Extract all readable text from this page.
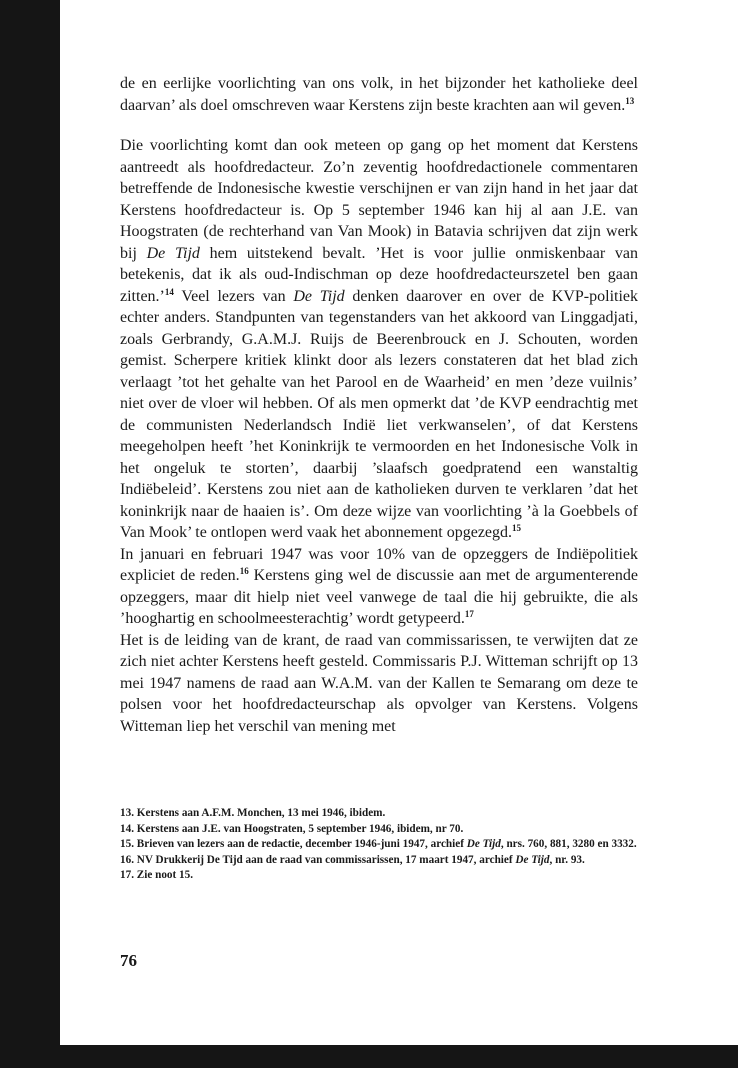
de en eerlijke voorlichting van ons volk, in het bijzonder het katholieke deel daarvan’ als doel omschreven waar Kerstens zijn beste krachten aan wil geven.$^{13}$

Die voorlichting komt dan ook meteen op gang op het moment dat Kerstens aantreedt als hoofdredacteur. Zo’n zeventig hoofdredactionele commentaren betreffende de Indonesische kwestie verschijnen er van zijn hand in het jaar dat Kerstens hoofdredacteur is. Op 5 september 1946 kan hij al aan J.E. van Hoogstraten (de rechterhand van Van Mook) in Batavia schrijven dat zijn werk bij De Tijd hem uitstekend bevalt. ’Het is voor jullie onmiskenbaar van betekenis, dat ik als oud-Indischman op deze hoofdredacteurszetel ben gaan zitten.’$^{14}$ Veel lezers van De Tijd denken daarover en over de KVP-politiek echter anders. Standpunten van tegenstanders van het akkoord van Linggadjati, zoals Gerbrandy, G.A.M.J. Ruijs de Beerenbrouck en J. Schouten, worden gemist. Scherpere kritiek klinkt door als lezers constateren dat het blad zich verlaagt ’tot het gehalte van het Parool en de Waarheid’ en men ’deze vuilnis’ niet over de vloer wil hebben. Of als men opmerkt dat ’de KVP eendrachtig met de communisten Nederlandsch Indië liet verkwanselen’, of dat Kerstens meegeholpen heeft ’het Koninkrijk te vermoorden en het Indonesische Volk in het ongeluk te storten’, daarbij ’slaafsch goedpratend een wanstaltig Indiëbeleid’. Kerstens zou niet aan de katholieken durven te verklaren ’dat het koninkrijk naar de haaien is’. Om deze wijze van voorlichting ’à la Goebbels of Van Mook’ te ontlopen werd vaak het abonnement opgezegd.$^{15}$

In januari en februari 1947 was voor 10% van de opzeggers de Indiëpolitiek expliciet de reden.$^{16}$ Kerstens ging wel de discussie aan met de argumenterende opzeggers, maar dit hielp niet veel vanwege de taal die hij gebruikte, die als ’hooghartig en schoolmeesterachtig’ wordt getypeerd.$^{17}$

Het is de leiding van de krant, de raad van commissarissen, te verwijten dat ze zich niet achter Kerstens heeft gesteld. Commissaris P.J. Witteman schrijft op 13 mei 1947 namens de raad aan W.A.M. van der Kallen te Semarang om deze te polsen voor het hoofdredacteurschap als opvolger van Kerstens. Volgens Witteman liep het verschil van mening met

13. Kerstens aan A.F.M. Monchen, 13 mei 1946, ibidem.

14. Kerstens aan J.E. van Hoogstraten, 5 september 1946, ibidem, nr 70.

15. Brieven van lezers aan de redactie, december 1946-juni 1947, archief De Tijd, nrs. 760, 881, 3280 en 3332.

16. NV Drukkerij De Tijd aan de raad van commissarissen, 17 maart 1947, archief De Tijd, nr. 93.

17. Zie noot 15.

76
